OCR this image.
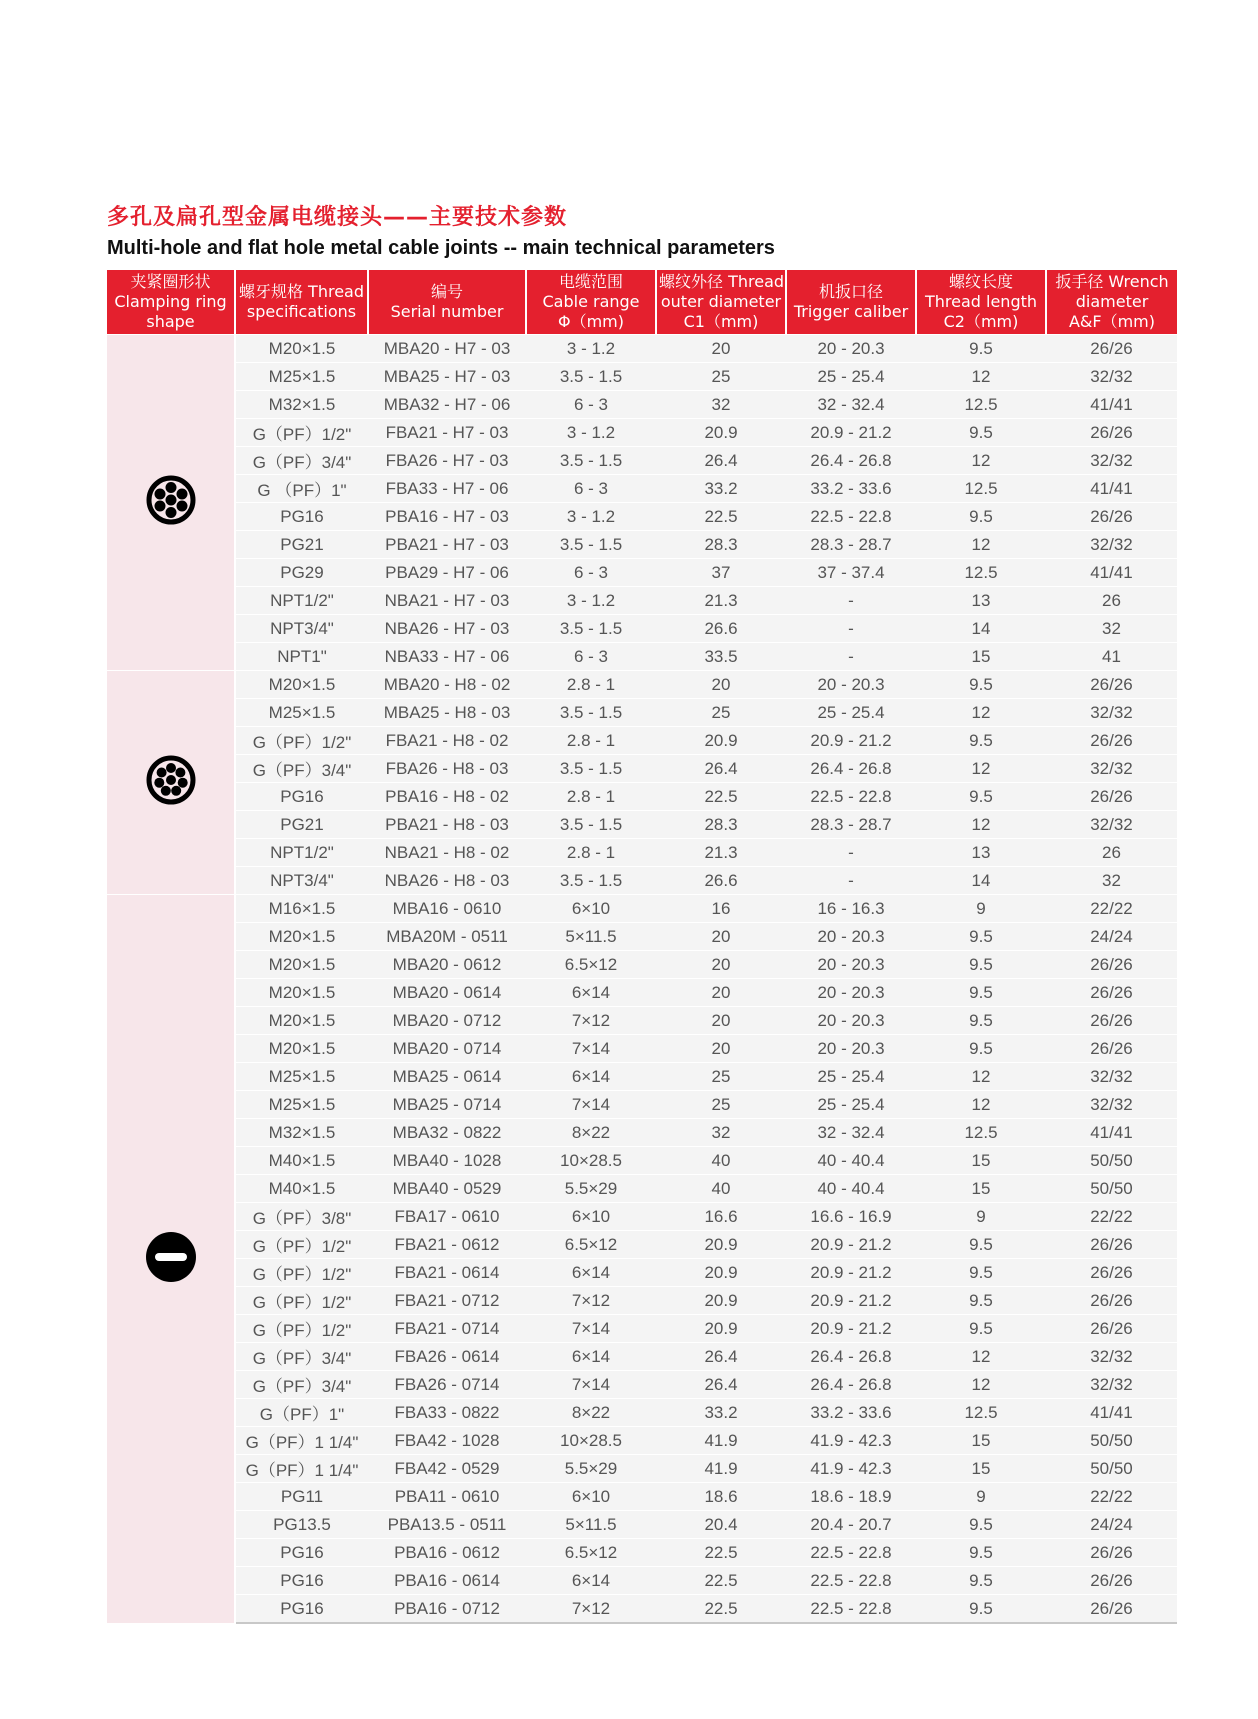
多孔及扁孔型金属电缆接头——主要技术参数
Multi-hole and flat hole metal cable joints -- main technical parameters
夹紧圈形状
Clamping ring
shape	螺牙规格 Thread
specifications	编号
Serial number	电缆范围
Cable range
Φ（mm)	螺纹外径 Thread
outer diameter
C1（mm)	机扳口径
Trigger caliber	螺纹长度
Thread length
C2（mm)	扳手径 Wrench
diameter
A&F（mm)

	M20×1.5	MBA20 - H7 - 03	3 - 1.2	20	20 - 20.3	9.5	26/26
	M25×1.5	MBA25 - H7 - 03	3.5 - 1.5	25	25 - 25.4	12	32/32
	M32×1.5	MBA32 - H7 - 06	6 - 3	32	32 - 32.4	12.5	41/41
	G（PF）1/2"	FBA21 - H7 - 03	3 - 1.2	20.9	20.9 - 21.2	9.5	26/26
	G（PF）3/4"	FBA26 - H7 - 03	3.5 - 1.5	26.4	26.4 - 26.8	12	32/32
	G （PF）1"	FBA33 - H7 - 06	6 - 3	33.2	33.2 - 33.6	12.5	41/41
	PG16	PBA16 - H7 - 03	3 - 1.2	22.5	22.5 - 22.8	9.5	26/26
	PG21	PBA21 - H7 - 03	3.5 - 1.5	28.3	28.3 - 28.7	12	32/32
	PG29	PBA29 - H7 - 06	6 - 3	37	37 - 37.4	12.5	41/41
	NPT1/2"	NBA21 - H7 - 03	3 - 1.2	21.3	-	13	26
	NPT3/4"	NBA26 - H7 - 03	3.5 - 1.5	26.6	-	14	32
	NPT1"	NBA33 - H7 - 06	6 - 3	33.5	-	15	41

	M20×1.5	MBA20 - H8 - 02	2.8 - 1	20	20 - 20.3	9.5	26/26
	M25×1.5	MBA25 - H8 - 03	3.5 - 1.5	25	25 - 25.4	12	32/32
	G（PF）1/2"	FBA21 - H8 - 02	2.8 - 1	20.9	20.9 - 21.2	9.5	26/26
	G（PF）3/4"	FBA26 - H8 - 03	3.5 - 1.5	26.4	26.4 - 26.8	12	32/32
	PG16	PBA16 - H8 - 02	2.8 - 1	22.5	22.5 - 22.8	9.5	26/26
	PG21	PBA21 - H8 - 03	3.5 - 1.5	28.3	28.3 - 28.7	12	32/32
	NPT1/2"	NBA21 - H8 - 02	2.8 - 1	21.3	-	13	26
	NPT3/4"	NBA26 - H8 - 03	3.5 - 1.5	26.6	-	14	32

	M16×1.5	MBA16 - 0610	6×10	16	16 - 16.3	9	22/22
	M20×1.5	MBA20M - 0511	5×11.5	20	20 - 20.3	9.5	24/24
	M20×1.5	MBA20 - 0612	6.5×12	20	20 - 20.3	9.5	26/26
	M20×1.5	MBA20 - 0614	6×14	20	20 - 20.3	9.5	26/26
	M20×1.5	MBA20 - 0712	7×12	20	20 - 20.3	9.5	26/26
	M20×1.5	MBA20 - 0714	7×14	20	20 - 20.3	9.5	26/26
	M25×1.5	MBA25 - 0614	6×14	25	25 - 25.4	12	32/32
	M25×1.5	MBA25 - 0714	7×14	25	25 - 25.4	12	32/32
	M32×1.5	MBA32 - 0822	8×22	32	32 - 32.4	12.5	41/41
	M40×1.5	MBA40 - 1028	10×28.5	40	40 - 40.4	15	50/50
	M40×1.5	MBA40 - 0529	5.5×29	40	40 - 40.4	15	50/50
	G（PF）3/8"	FBA17 - 0610	6×10	16.6	16.6 - 16.9	9	22/22
	G（PF）1/2"	FBA21 - 0612	6.5×12	20.9	20.9 - 21.2	9.5	26/26
	G（PF）1/2"	FBA21 - 0614	6×14	20.9	20.9 - 21.2	9.5	26/26
	G（PF）1/2"	FBA21 - 0712	7×12	20.9	20.9 - 21.2	9.5	26/26
	G（PF）1/2"	FBA21 - 0714	7×14	20.9	20.9 - 21.2	9.5	26/26
	G（PF）3/4"	FBA26 - 0614	6×14	26.4	26.4 - 26.8	12	32/32
	G（PF）3/4"	FBA26 - 0714	7×14	26.4	26.4 - 26.8	12	32/32
	G（PF）1"	FBA33 - 0822	8×22	33.2	33.2 - 33.6	12.5	41/41
	G（PF）1 1/4"	FBA42 - 1028	10×28.5	41.9	41.9 - 42.3	15	50/50
	G（PF）1 1/4"	FBA42 - 0529	5.5×29	41.9	41.9 - 42.3	15	50/50
	PG11	PBA11 - 0610	6×10	18.6	18.6 - 18.9	9	22/22
	PG13.5	PBA13.5 - 0511	5×11.5	20.4	20.4 - 20.7	9.5	24/24
	PG16	PBA16 - 0612	6.5×12	22.5	22.5 - 22.8	9.5	26/26
	PG16	PBA16 - 0614	6×14	22.5	22.5 - 22.8	9.5	26/26
	PG16	PBA16 - 0712	7×12	22.5	22.5 - 22.8	9.5	26/26
